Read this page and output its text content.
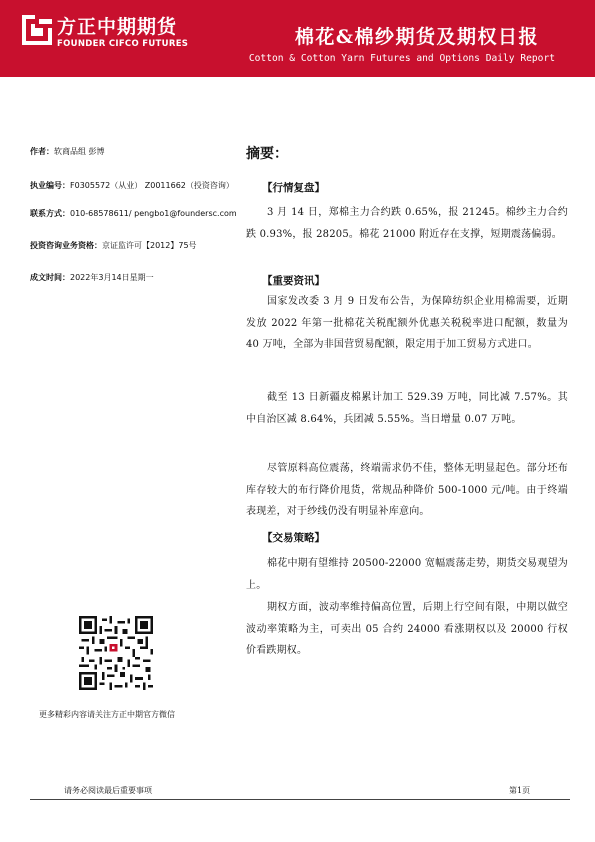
方正中期期货
FOUNDER CIFCO FUTURES	棉花&棉纱期货及期权日报
Cotton & Cotton Yarn Futures and Options Daily Report
作者：软商品组 彭博
执业编号：F0305572（从业） Z0011662（投资咨询）
联系方式：010-68578611/ pengbo1@foundersc.com
投资咨询业务资格：京证监许可【2012】75号
成文时间：2022年3月14日星期一
更多精彩内容请关注方正中期官方微信
摘要：
【行情复盘】
3 月 14 日，郑棉主力合约跌 0.65%，报 21245。棉纱主力合约跌 0.93%，报 28205。棉花 21000 附近存在支撑，短期震荡偏弱。
【重要资讯】
国家发改委 3 月 9 日发布公告，为保障纺织企业用棉需要，近期发放 2022 年第一批棉花关税配额外优惠关税税率进口配额，数量为 40 万吨，全部为非国营贸易配额，限定用于加工贸易方式进口。
截至 13 日新疆皮棉累计加工 529.39 万吨，同比减 7.57%。其中自治区减 8.64%，兵团减 5.55%。当日增量 0.07 万吨。
尽管原料高位震荡，终端需求仍不佳，整体无明显起色。部分坯布库存较大的布行降价甩货，常规品种降价 500-1000 元/吨。由于终端表现差，对于纱线仍没有明显补库意向。
【交易策略】
棉花中期有望维持 20500-22000 宽幅震荡走势，期货交易观望为上。
期权方面，波动率维持偏高位置，后期上行空间有限，中期以做空波动率策略为主，可卖出 05 合约 24000 看涨期权以及 20000 行权价看跌期权。
请务必阅读最后重要事项	第1页
